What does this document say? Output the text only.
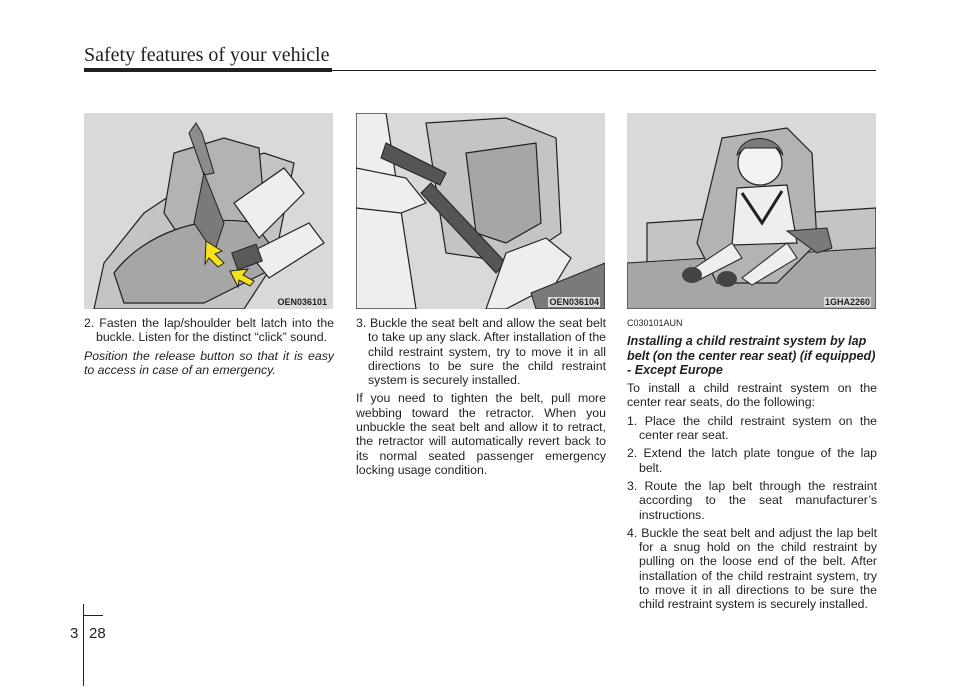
Safety features of your vehicle
OEN036101	OEN036104	1GHA2260

2. Fasten the lap/shoulder belt latch into the buckle. Listen for the distinct “click” sound.

Position the release button so that it is easy to access in case of an emergency.

3. Buckle the seat belt and allow the seat belt to take up any slack. After installation of the child restraint system, try to move it in all directions to be sure the child restraint system is securely installed.

If you need to tighten the belt, pull more webbing toward the retractor. When you unbuckle the seat belt and allow it to retract, the retractor will automatically revert back to its normal seated passenger emergency locking usage condition.

C030101AUN

Installing a child restraint system by lap belt (on the center rear seat) (if equipped) - Except Europe

To install a child restraint system on the center rear seats, do the following:

1. Place the child restraint system on the center rear seat.

2. Extend the latch plate tongue of the lap belt.

3. Route the lap belt through the restraint according to the seat manufacturer’s instructions.

4. Buckle the seat belt and adjust the lap belt for a snug hold on the child restraint by pulling on the loose end of the belt. After installation of the child restraint system, try to move it in all directions to be sure the child restraint system is securely installed.

3 28
